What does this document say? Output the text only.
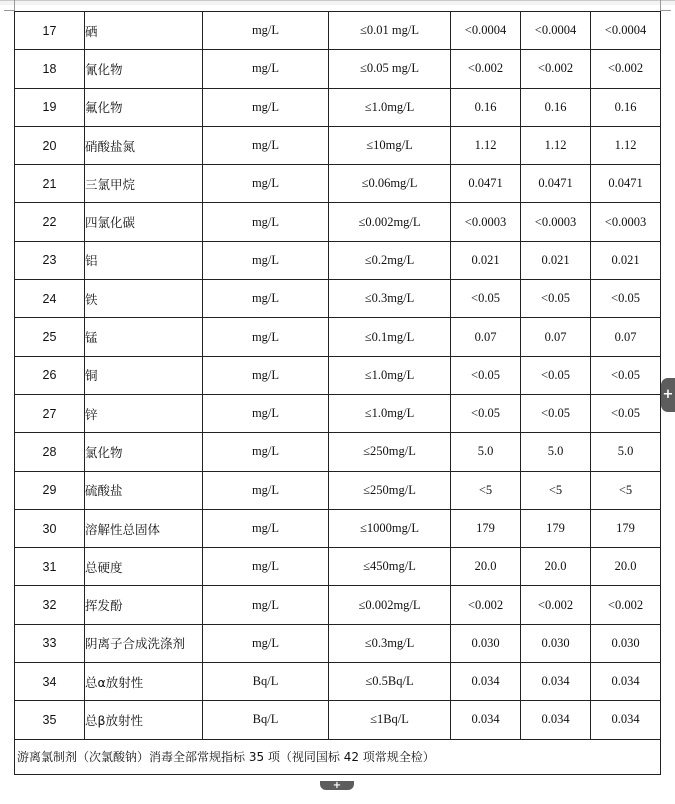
17	硒	mg/L	≤0.01 mg/L	<0.0004	<0.0004	<0.0004
18	氰化物	mg/L	≤0.05 mg/L	<0.002	<0.002	<0.002
19	氟化物	mg/L	≤1.0mg/L	0.16	0.16	0.16
20	硝酸盐氮	mg/L	≤10mg/L	1.12	1.12	1.12
21	三氯甲烷	mg/L	≤0.06mg/L	0.0471	0.0471	0.0471
22	四氯化碳	mg/L	≤0.002mg/L	<0.0003	<0.0003	<0.0003
23	铝	mg/L	≤0.2mg/L	0.021	0.021	0.021
24	铁	mg/L	≤0.3mg/L	<0.05	<0.05	<0.05
25	锰	mg/L	≤0.1mg/L	0.07	0.07	0.07
26	铜	mg/L	≤1.0mg/L	<0.05	<0.05	<0.05
27	锌	mg/L	≤1.0mg/L	<0.05	<0.05	<0.05
28	氯化物	mg/L	≤250mg/L	5.0	5.0	5.0
29	硫酸盐	mg/L	≤250mg/L	<5	<5	<5
30	溶解性总固体	mg/L	≤1000mg/L	179	179	179
31	总硬度	mg/L	≤450mg/L	20.0	20.0	20.0
32	挥发酚	mg/L	≤0.002mg/L	<0.002	<0.002	<0.002
33	阴离子合成洗涤剂	mg/L	≤0.3mg/L	0.030	0.030	0.030
34	总α放射性	Bq/L	≤0.5Bq/L	0.034	0.034	0.034
35	总β放射性	Bq/L	≤1Bq/L	0.034	0.034	0.034
游离氯制剂（次氯酸钠）消毒全部常规指标 35 项（视同国标 42 项常规全检）						
+
+
